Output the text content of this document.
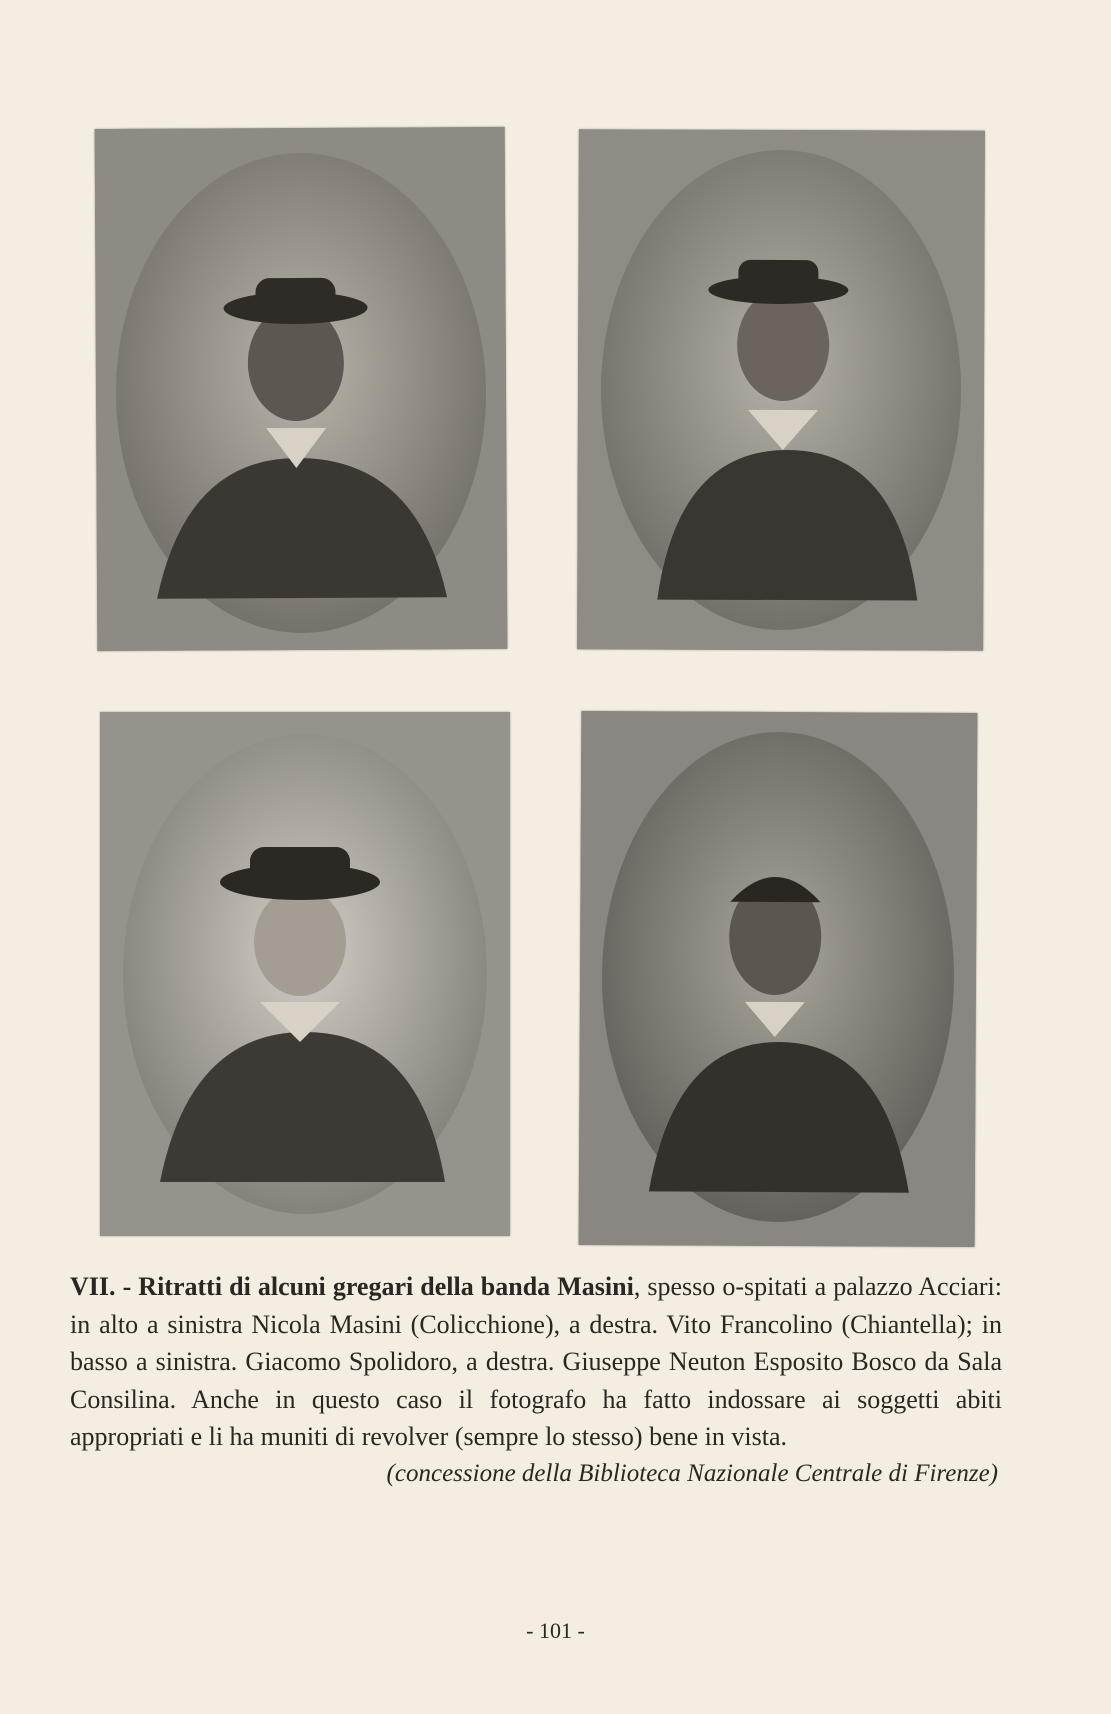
VII. - Ritratti di alcuni gregari della banda Masini, spesso o-spitati a palazzo Acciari: in alto a sinistra Nicola Masini (Colicchione), a destra. Vito Francolino (Chiantella); in basso a sinistra. Giacomo Spolidoro, a destra. Giuseppe Neuton Esposito Bosco da Sala Consilina. Anche in questo caso il fotografo ha fatto indossare ai soggetti abiti appropriati e li ha muniti di revolver (sempre lo stesso) bene in vista.
(concessione della Biblioteca Nazionale Centrale di Firenze)
- 101 -
